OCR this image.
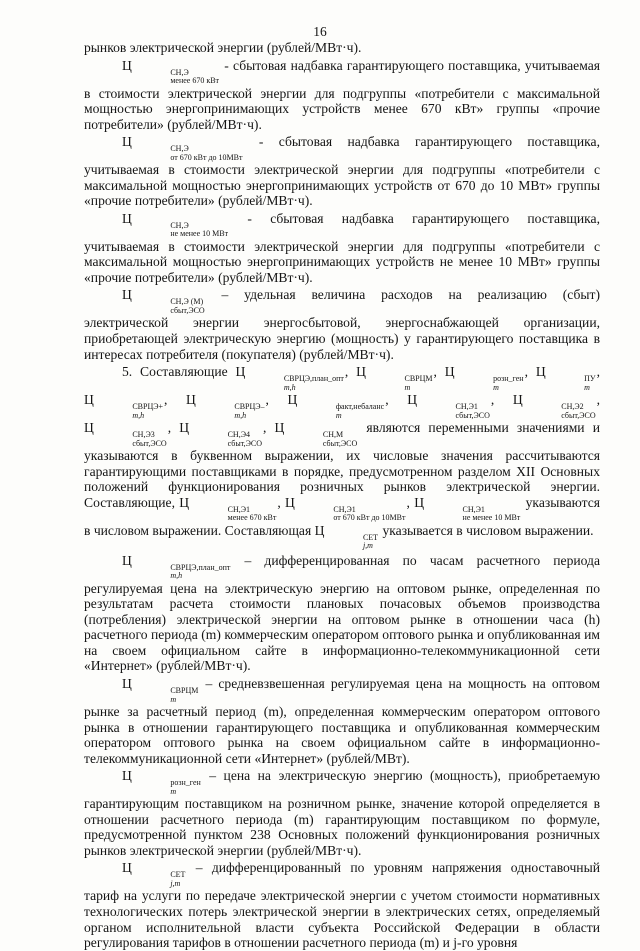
16

рынков электрической энергии (рублей/МВт·ч).

Ц	СН,Э
менее 670 кВт
- сбытовая надбавка гарантирующего поставщика, учитываемая в стоимости электрической энергии для подгруппы «потребители с максимальной мощностью энергопринимающих устройств менее 670 кВт» группы «прочие потребители» (рублей/МВт·ч).

Ц	СН,Э
от 670 кВт до 10МВт
- сбытовая надбавка гарантирующего поставщика, учитываемая в стоимости электрической энергии для подгруппы «потребители с максимальной мощностью энергопринимающих устройств от 670 до 10 МВт» группы «прочие потребители» (рублей/МВт·ч).

Ц	СН,Э
не менее 10 МВт
- сбытовая надбавка гарантирующего поставщика, учитываемая в стоимости электрической энергии для подгруппы «потребители с максимальной мощностью энергопринимающих устройств не менее 10 МВт» группы «прочие потребители» (рублей/МВт·ч).

Ц	СН,Э (М)
сбыт,ЭСО
– удельная величина расходов на реализацию (сбыт) электрической энергии энергосбытовой, энергоснабжающей организации, приобретающей электрическую энергию (мощность) у гарантирующего поставщика в интересах потребителя (покупателя) (рублей/МВт·ч).

5. Составляющие Ц	СВРЦЭ,план_опт
m,h
, Ц	СВРЦМ
m
, Ц	розн_ген
m
, Ц	ПУ
m
, Ц	СВРЦЭ+
m,h
, Ц	СВРЦЭ–
m,h
, Ц	факт,небаланс
m
, Ц	СН,Э1
сбыт,ЭСО
, Ц	СН,Э2
сбыт,ЭСО
, Ц	СН,Э3
сбыт,ЭСО
, Ц	СН,Э4
сбыт,ЭСО
, Ц	СН,М
сбыт,ЭСО
являются переменными значениями и указываются в буквенном выражении, их числовые значения рассчитываются гарантирующими поставщиками в порядке, предусмотренном разделом XII Основных положений функционирования розничных рынков электрической энергии. Составляющие, Ц	СН,Э1
менее 670 кВт
, Ц	СН,Э1
от 670 кВт до 10МВт
, Ц	СН,Э1
не менее 10 МВт
указываются в числовом выражении. Составляющая Ц	СЕТ
j,m
указывается в числовом выражении.

Ц	СВРЦЭ,план_опт
m,h
– дифференцированная по часам расчетного периода регулируемая цена на электрическую энергию на оптовом рынке, определенная по результатам расчета стоимости плановых почасовых объемов производства (потребления) электрической энергии на оптовом рынке в отношении часа (h) расчетного периода (m) коммерческим оператором оптового рынка и опубликованная им на своем официальном сайте в информационно-телекоммуникационной сети «Интернет» (рублей/МВт·ч).

Ц	СВРЦМ
m
– средневзвешенная регулируемая цена на мощность на оптовом рынке за расчетный период (m), определенная коммерческим оператором оптового рынка в отношении гарантирующего поставщика и опубликованная коммерческим оператором оптового рынка на своем официальном сайте в информационно-телекоммуникационной сети «Интернет» (рублей/МВт).

Ц	розн_ген
m
– цена на электрическую энергию (мощность), приобретаемую гарантирующим поставщиком на розничном рынке, значение которой определяется в отношении расчетного периода (m) гарантирующим поставщиком по формуле, предусмотренной пунктом 238 Основных положений функционирования розничных рынков электрической энергии (рублей/МВт·ч).

Ц	СЕТ
j,m
– дифференцированный по уровням напряжения одноставочный тариф на услуги по передаче электрической энергии с учетом стоимости нормативных технологических потерь электрической энергии в электрических сетях, определяемый органом исполнительной власти субъекта Российской Федерации в области регулирования тарифов в отношении расчетного периода (m) и j-го уровня
